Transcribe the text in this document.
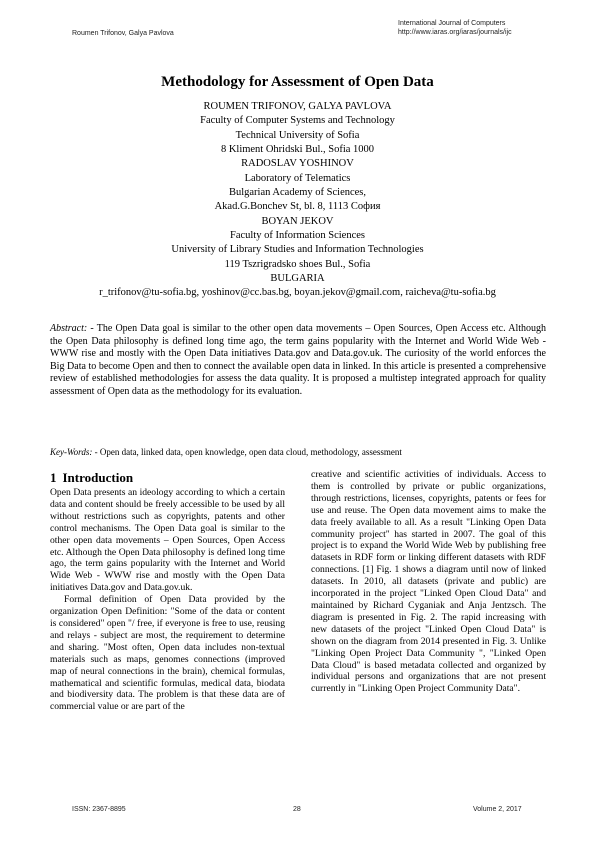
Roumen Trifonov, Galya Pavlova
International Journal of Computers
http://www.iaras.org/iaras/journals/ijc
Methodology for Assessment of Open Data
ROUMEN TRIFONOV, GALYA PAVLOVA
Faculty of Computer Systems and Technology
Technical University of Sofia
8 Kliment Ohridski Bul., Sofia 1000
RADOSLAV YOSHINOV
Laboratory of Telematics
Bulgarian Academy of Sciences,
Akad.G.Bonchev St, bl. 8, 1113 София
BOYAN JEKOV
Faculty of Information Sciences
University of Library Studies and Information Technologies
119 Tszrigradsko shoes Bul., Sofia
BULGARIA
r_trifonov@tu-sofia.bg, yoshinov@cc.bas.bg, boyan.jekov@gmail.com, raicheva@tu-sofia.bg
Abstract: - The Open Data goal is similar to the other open data movements – Open Sources, Open Access etc. Although the Open Data philosophy is defined long time ago, the term gains popularity with the Internet and World Wide Web - WWW rise and mostly with the Open Data initiatives Data.gov and Data.gov.uk. The curiosity of the world enforces the Big Data to become Open and then to connect the available open data in linked. In this article is presented a comprehensive review of established methodologies for assess the data quality. It is proposed a multistep integrated approach for quality assessment of Open data as the methodology for its evaluation.
Key-Words: - Open data, linked data, open knowledge, open data cloud, methodology, assessment
1 Introduction

Open Data presents an ideology according to which a certain data and content should be freely accessible to be used by all without restrictions such as copyrights, patents and other control mechanisms. The Open Data goal is similar to the other open data movements – Open Sources, Open Access etc. Although the Open Data philosophy is defined long time ago, the term gains popularity with the Internet and World Wide Web - WWW rise and mostly with the Open Data initiatives Data.gov and Data.gov.uk.

Formal definition of Open Data provided by the organization Open Definition: "Some of the data or content is considered" open "/ free, if everyone is free to use, reusing and relays - subject are most, the requirement to determine and sharing. "Most often, Open data includes non-textual materials such as maps, genomes connections (improved map of neural connections in the brain), chemical formulas, mathematical and scientific formulas, medical data, biodata and biodiversity data. The problem is that these data are of commercial value or are part of the

creative and scientific activities of individuals. Access to them is controlled by private or public organizations, through restrictions, licenses, copyrights, patents or fees for use and reuse. The Open data movement aims to make the data freely available to all. As a result "Linking Open Data community project" has started in 2007. The goal of this project is to expand the World Wide Web by publishing free datasets in RDF form or linking different datasets with RDF connections. [1] Fig. 1 shows a diagram until now of linked datasets. In 2010, all datasets (private and public) are incorporated in the project "Linked Open Cloud Data" and maintained by Richard Cyganiak and Anja Jentzsch. The diagram is presented in Fig. 2. The rapid increasing with new datasets of the project "Linked Open Cloud Data" is shown on the diagram from 2014 presented in Fig. 3. Unlike "Linking Open Project Data Community ", "Linked Open Data Cloud" is based metadata collected and organized by individual persons and organizations that are not present currently in "Linking Open Project Community Data".

ISSN: 2367-8895	28	Volume 2, 2017
